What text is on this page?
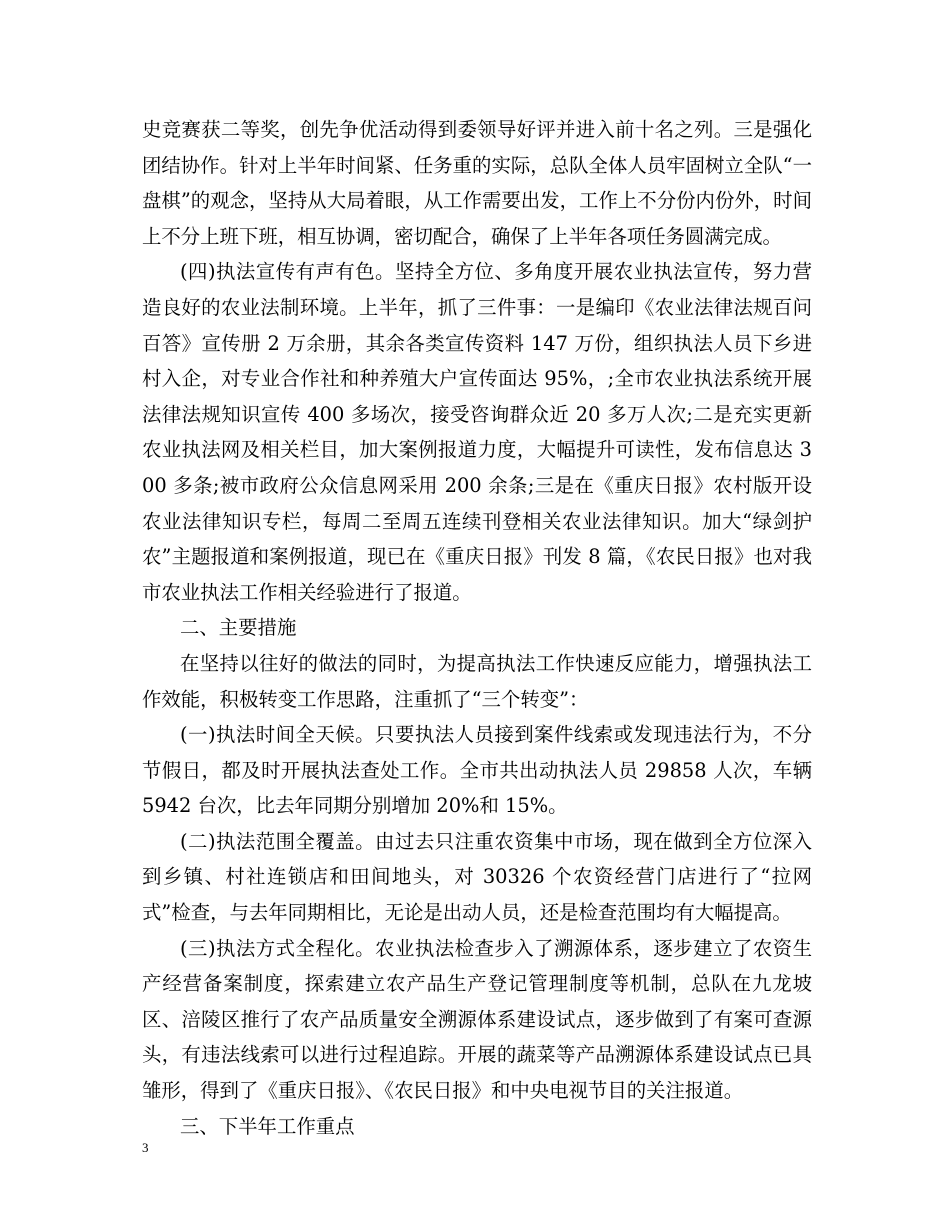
史竞赛获二等奖，创先争优活动得到委领导好评并进入前十名之列。三是强化团结协作。针对上半年时间紧、任务重的实际，总队全体人员牢固树立全队“一盘棋”的观念，坚持从大局着眼，从工作需要出发，工作上不分份内份外，时间上不分上班下班，相互协调，密切配合，确保了上半年各项任务圆满完成。

(四)执法宣传有声有色。坚持全方位、多角度开展农业执法宣传，努力营造良好的农业法制环境。上半年，抓了三件事：一是编印《农业法律法规百问百答》宣传册 2 万余册，其余各类宣传资料 147 万份，组织执法人员下乡进村入企，对专业合作社和种养殖大户宣传面达 95%，;全市农业执法系统开展法律法规知识宣传 400 多场次，接受咨询群众近 20 多万人次;二是充实更新农业执法网及相关栏目，加大案例报道力度，大幅提升可读性，发布信息达 300 多条;被市政府公众信息网采用 200 余条;三是在《重庆日报》农村版开设农业法律知识专栏，每周二至周五连续刊登相关农业法律知识。加大“绿剑护农”主题报道和案例报道，现已在《重庆日报》刊发 8 篇，《农民日报》也对我市农业执法工作相关经验进行了报道。

二、主要措施

在坚持以往好的做法的同时，为提高执法工作快速反应能力，增强执法工作效能，积极转变工作思路，注重抓了“三个转变”：

(一)执法时间全天候。只要执法人员接到案件线索或发现违法行为，不分节假日，都及时开展执法查处工作。全市共出动执法人员 29858 人次，车辆 5942 台次，比去年同期分别增加 20%和 15%。

(二)执法范围全覆盖。由过去只注重农资集中市场，现在做到全方位深入到乡镇、村社连锁店和田间地头，对 30326 个农资经营门店进行了“拉网式”检查，与去年同期相比，无论是出动人员，还是检查范围均有大幅提高。

(三)执法方式全程化。农业执法检查步入了溯源体系，逐步建立了农资生产经营备案制度，探索建立农产品生产登记管理制度等机制，总队在九龙坡区、涪陵区推行了农产品质量安全溯源体系建设试点，逐步做到了有案可查源头，有违法线索可以进行过程追踪。开展的蔬菜等产品溯源体系建设试点已具雏形，得到了《重庆日报》、《农民日报》和中央电视节目的关注报道。

三、下半年工作重点

3
